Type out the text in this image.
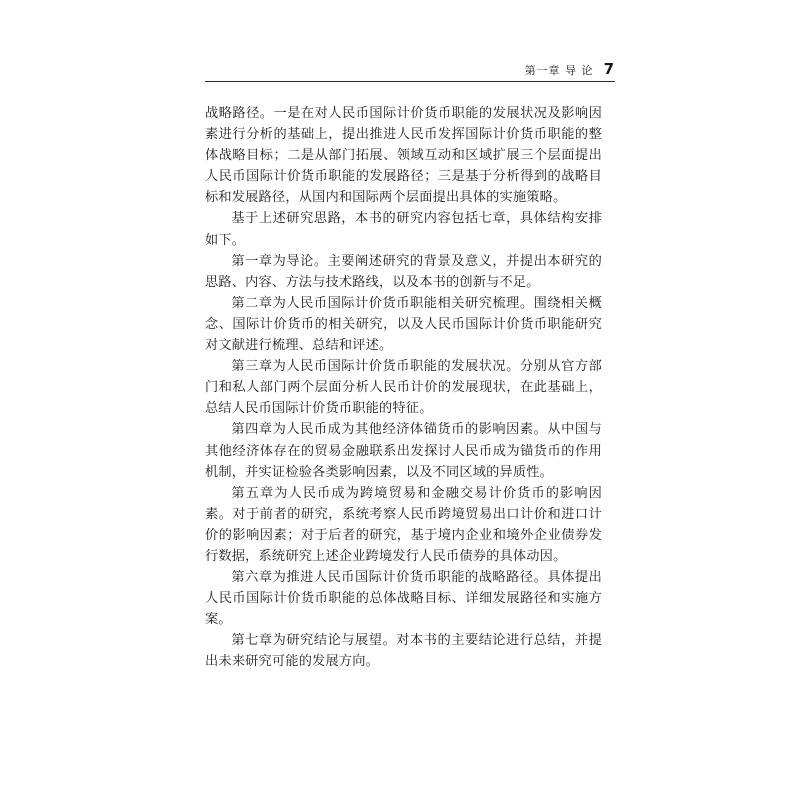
第一章 导 论 7

战略路径。一是在对人民币国际计价货币职能的发展状况及影响因素进行分析的基础上，提出推进人民币发挥国际计价货币职能的整体战略目标；二是从部门拓展、领域互动和区域扩展三个层面提出人民币国际计价货币职能的发展路径；三是基于分析得到的战略目标和发展路径，从国内和国际两个层面提出具体的实施策略。

基于上述研究思路，本书的研究内容包括七章，具体结构安排如下。

第一章为导论。主要阐述研究的背景及意义，并提出本研究的思路、内容、方法与技术路线，以及本书的创新与不足。

第二章为人民币国际计价货币职能相关研究梳理。围绕相关概念、国际计价货币的相关研究，以及人民币国际计价货币职能研究对文献进行梳理、总结和评述。

第三章为人民币国际计价货币职能的发展状况。分别从官方部门和私人部门两个层面分析人民币计价的发展现状，在此基础上，总结人民币国际计价货币职能的特征。

第四章为人民币成为其他经济体锚货币的影响因素。从中国与其他经济体存在的贸易金融联系出发探讨人民币成为锚货币的作用机制，并实证检验各类影响因素，以及不同区域的异质性。

第五章为人民币成为跨境贸易和金融交易计价货币的影响因素。对于前者的研究，系统考察人民币跨境贸易出口计价和进口计价的影响因素；对于后者的研究，基于境内企业和境外企业债券发行数据，系统研究上述企业跨境发行人民币债券的具体动因。

第六章为推进人民币国际计价货币职能的战略路径。具体提出人民币国际计价货币职能的总体战略目标、详细发展路径和实施方案。

第七章为研究结论与展望。对本书的主要结论进行总结，并提出未来研究可能的发展方向。
